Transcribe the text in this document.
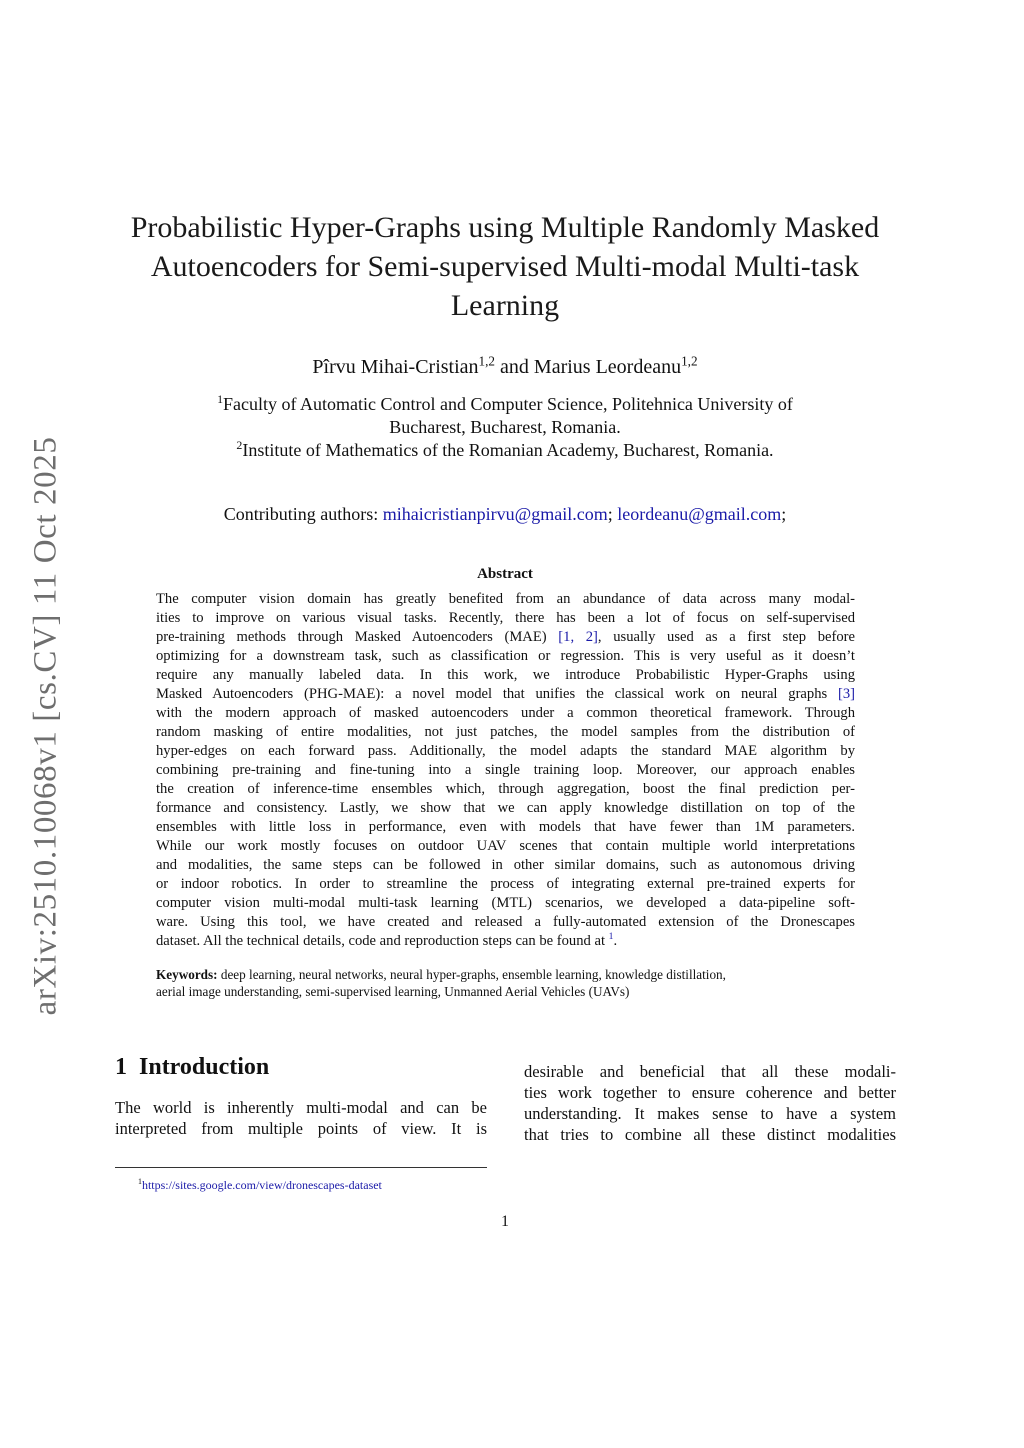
arXiv:2510.10068v1 [cs.CV] 11 Oct 2025
Probabilistic Hyper-Graphs using Multiple Randomly Masked
Autoencoders for Semi-supervised Multi-modal Multi-task
Learning
Pîrvu Mihai-Cristian$^{1,2}$ and Marius Leordeanu$^{1,2}$
$^1$Faculty of Automatic Control and Computer Science, Politehnica University of
Bucharest, Bucharest, Romania.
$^2$Institute of Mathematics of the Romanian Academy, Bucharest, Romania.
Contributing authors: mihaicristianpirvu@gmail.com; leordeanu@gmail.com;
Abstract
The computer vision domain has greatly benefited from an abundance of data across many modal-
ities to improve on various visual tasks. Recently, there has been a lot of focus on self-supervised
pre-training methods through Masked Autoencoders (MAE) [1, 2], usually used as a first step before
optimizing for a downstream task, such as classification or regression. This is very useful as it doesn’t
require any manually labeled data. In this work, we introduce Probabilistic Hyper-Graphs using
Masked Autoencoders (PHG-MAE): a novel model that unifies the classical work on neural graphs [3]
with the modern approach of masked autoencoders under a common theoretical framework. Through
random masking of entire modalities, not just patches, the model samples from the distribution of
hyper-edges on each forward pass. Additionally, the model adapts the standard MAE algorithm by
combining pre-training and fine-tuning into a single training loop. Moreover, our approach enables
the creation of inference-time ensembles which, through aggregation, boost the final prediction per-
formance and consistency. Lastly, we show that we can apply knowledge distillation on top of the
ensembles with little loss in performance, even with models that have fewer than 1M parameters.
While our work mostly focuses on outdoor UAV scenes that contain multiple world interpretations
and modalities, the same steps can be followed in other similar domains, such as autonomous driving
or indoor robotics. In order to streamline the process of integrating external pre-trained experts for
computer vision multi-modal multi-task learning (MTL) scenarios, we developed a data-pipeline soft-
ware. Using this tool, we have created and released a fully-automated extension of the Dronescapes
dataset. All the technical details, code and reproduction steps can be found at $^1$.
Keywords: deep learning, neural networks, neural hyper-graphs, ensemble learning, knowledge distillation,
aerial image understanding, semi-supervised learning, Unmanned Aerial Vehicles (UAVs)
1 Introduction
The world is inherently multi-modal and can be
interpreted from multiple points of view. It is
desirable and beneficial that all these modali-
ties work together to ensure coherence and better
understanding. It makes sense to have a system
that tries to combine all these distinct modalities
$^1$https://sites.google.com/view/dronescapes-dataset
1
